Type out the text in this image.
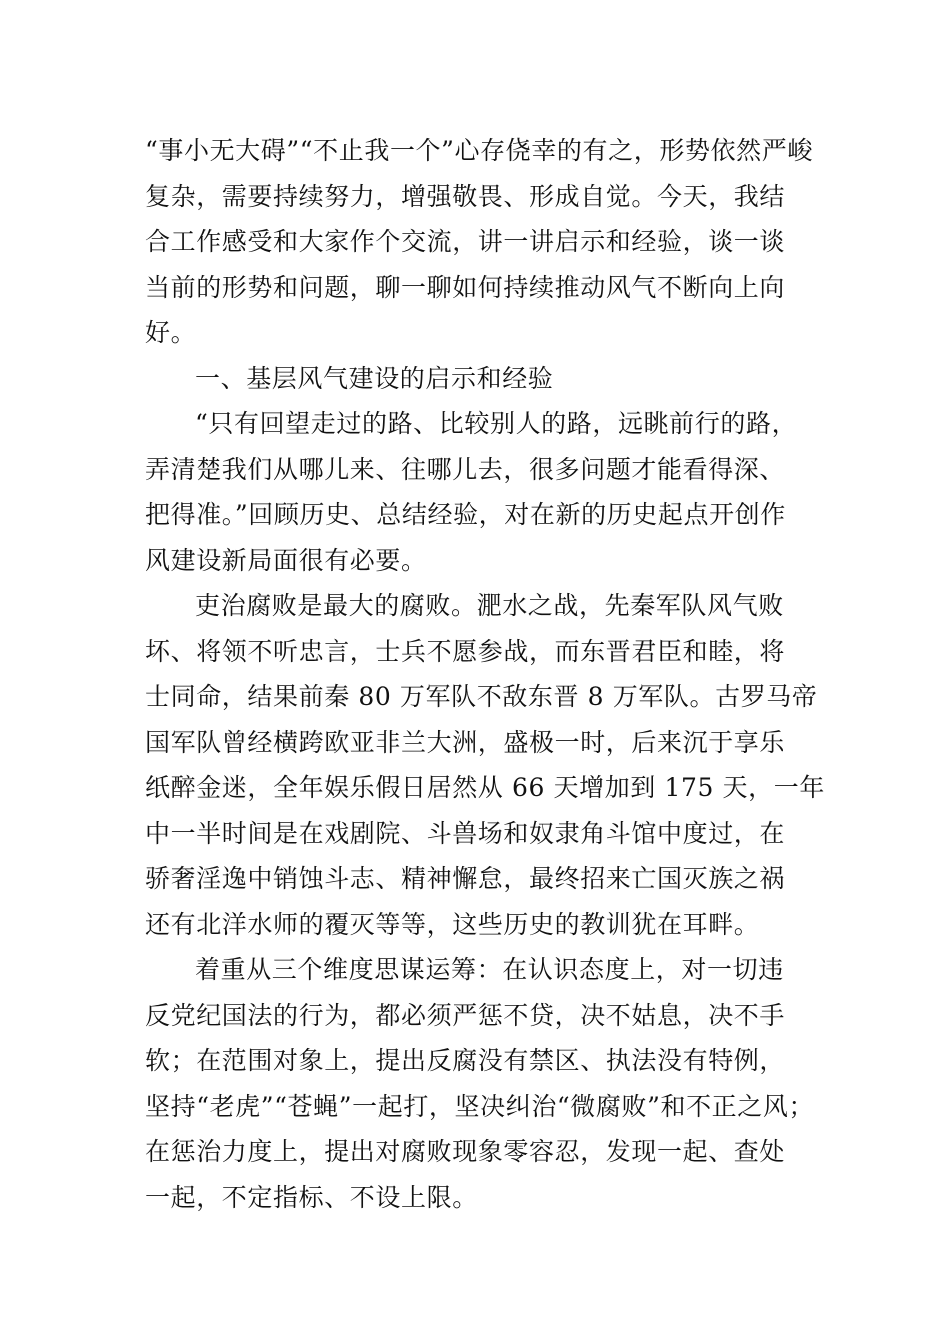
“事小无大碍”“不止我一个”心存侥幸的有之，形势依然严峻
复杂，需要持续努力，增强敬畏、形成自觉。今天，我结
合工作感受和大家作个交流，讲一讲启示和经验，谈一谈
当前的形势和问题，聊一聊如何持续推动风气不断向上向
好。
一、基层风气建设的启示和经验
“只有回望走过的路、比较别人的路，远眺前行的路，
弄清楚我们从哪儿来、往哪儿去，很多问题才能看得深、
把得准。”回顾历史、总结经验，对在新的历史起点开创作
风建设新局面很有必要。
吏治腐败是最大的腐败。淝水之战，先秦军队风气败
坏、将领不听忠言，士兵不愿参战，而东晋君臣和睦，将
士同命，结果前秦 80 万军队不敌东晋 8 万军队。古罗马帝
国军队曾经横跨欧亚非兰大洲，盛极一时，后来沉于享乐
纸醉金迷，全年娱乐假日居然从 66 天增加到 175 天，一年
中一半时间是在戏剧院、斗兽场和奴隶角斗馆中度过，在
骄奢淫逸中销蚀斗志、精神懈怠，最终招来亡国灭族之祸
还有北洋水师的覆灭等等，这些历史的教训犹在耳畔。
着重从三个维度思谋运筹：在认识态度上，对一切违
反党纪国法的行为，都必须严惩不贷，决不姑息，决不手
软；在范围对象上，提出反腐没有禁区、执法没有特例，
坚持“老虎”“苍蝇”一起打，坚决纠治“微腐败”和不正之风；
在惩治力度上，提出对腐败现象零容忍，发现一起、查处
一起，不定指标、不设上限。
